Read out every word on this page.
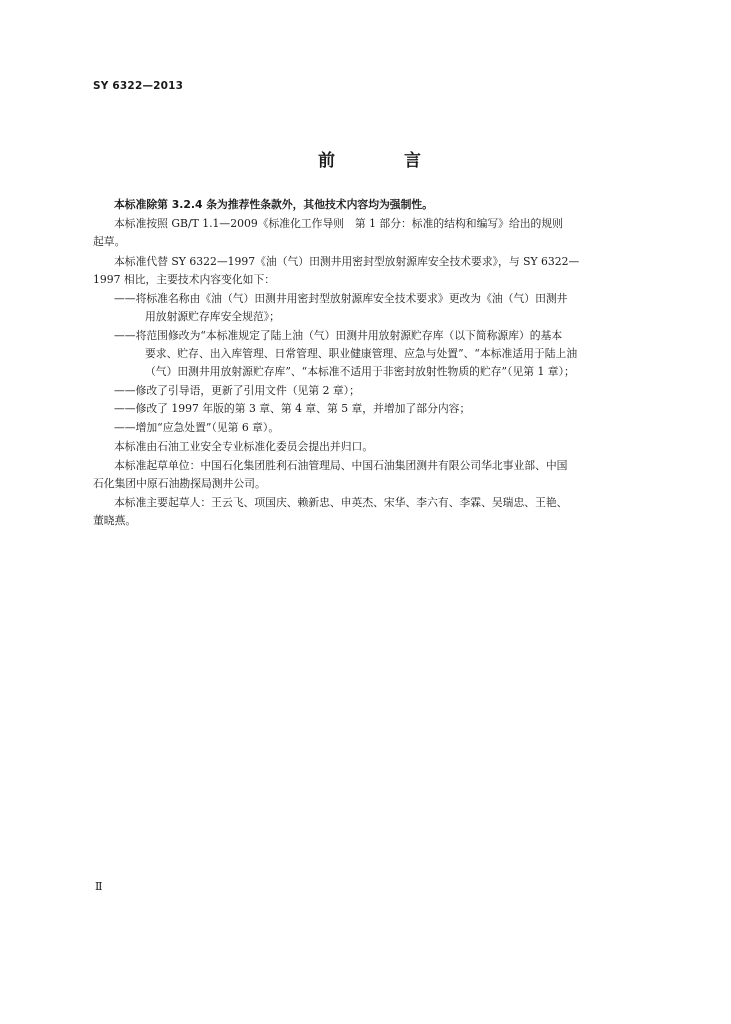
SY 6322—2013
前　言
本标准除第 3.2.4 条为推荐性条款外，其他技术内容均为强制性。
本标准按照 GB/T 1.1—2009《标准化工作导则　第 1 部分：标准的结构和编写》给出的规则
起草。
本标准代替 SY 6322—1997《油（气）田测井用密封型放射源库安全技术要求》，与 SY 6322—
1997 相比，主要技术内容变化如下：
——将标准名称由《油（气）田测井用密封型放射源库安全技术要求》更改为《油（气）田测井
用放射源贮存库安全规范》；
——将范围修改为“本标准规定了陆上油（气）田测井用放射源贮存库（以下简称源库）的基本
要求、贮存、出入库管理、日常管理、职业健康管理、应急与处置”、“本标准适用于陆上油
（气）田测井用放射源贮存库”、“本标准不适用于非密封放射性物质的贮存”（见第 1 章）；
——修改了引导语，更新了引用文件（见第 2 章）；
——修改了 1997 年版的第 3 章、第 4 章、第 5 章，并增加了部分内容；
——增加“应急处置”（见第 6 章）。
本标准由石油工业安全专业标准化委员会提出并归口。
本标准起草单位：中国石化集团胜利石油管理局、中国石油集团测井有限公司华北事业部、中国
石化集团中原石油勘探局测井公司。
本标准主要起草人：王云飞、项国庆、赖新忠、申英杰、宋华、李六有、李霖、吴瑞忠、王艳、
董晓燕。
Ⅱ
